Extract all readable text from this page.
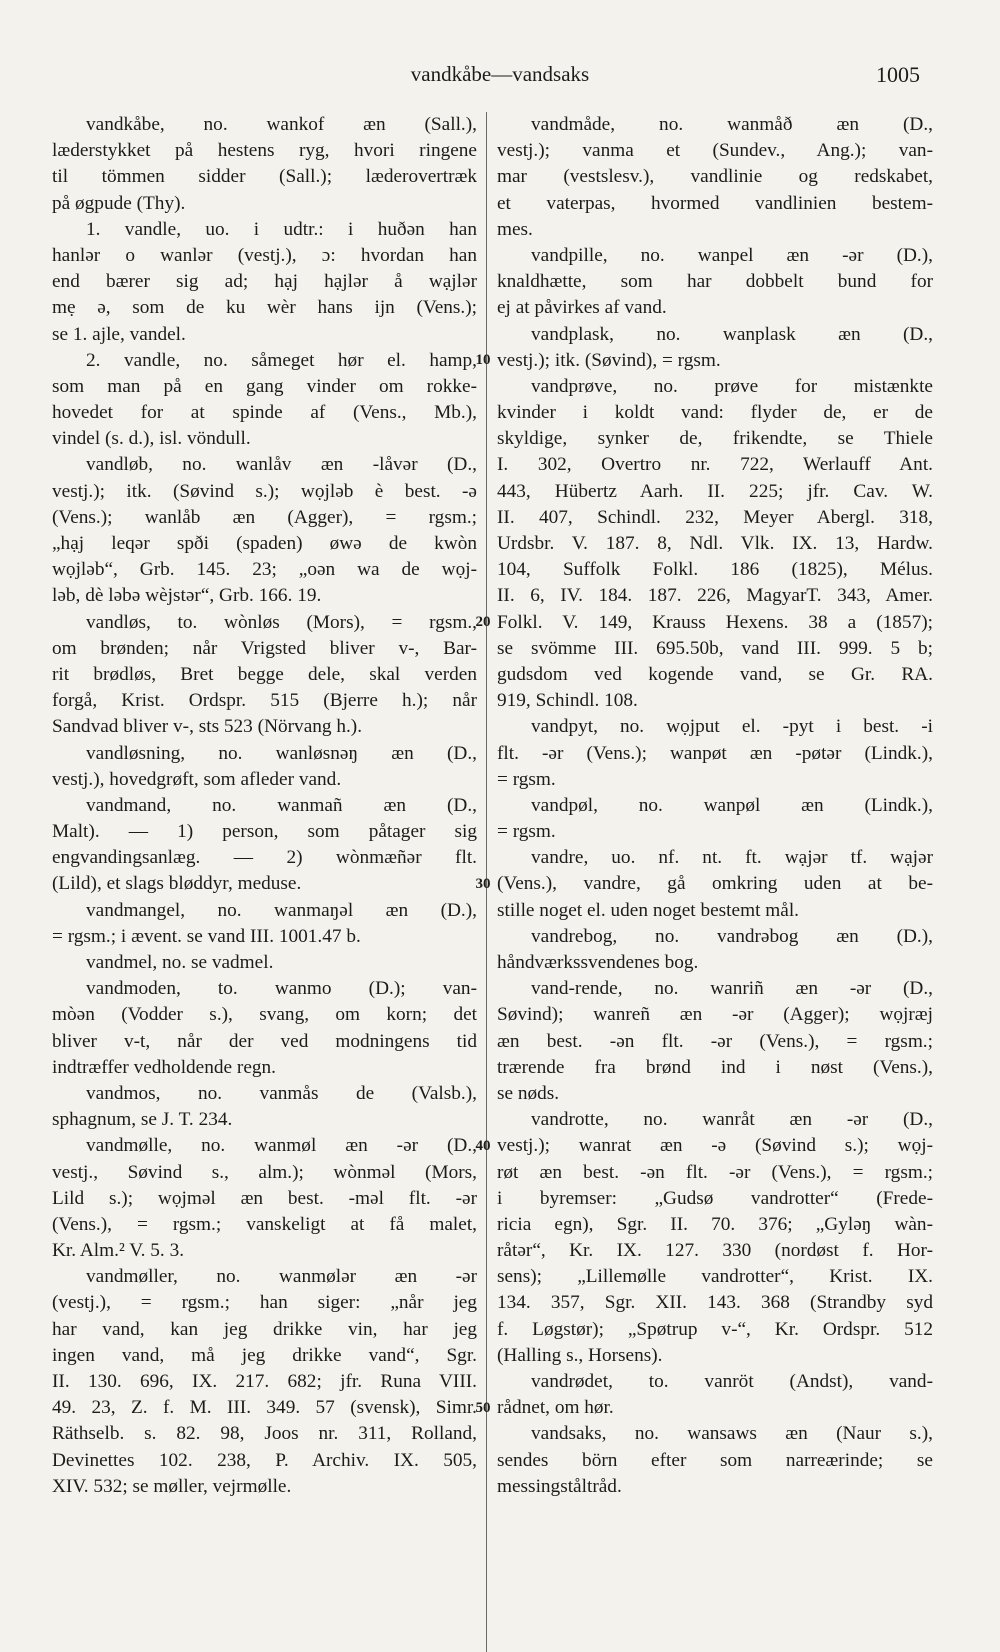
vandkåbe—vandsaks	1005
vandkåbe, no. wankof æn (Sall.),
læderstykket på hestens ryg, hvori ringene
til tömmen sidder (Sall.); læderovertræk
på øgpude (Thy).
1. vandle, uo. i udtr.: i huðən han
hanlər o wanlər (vestj.), ɔ: hvordan han
end bærer sig ad; hạj hạjlər å wạjlər
mẹ ə, som de ku wèr hans ijn (Vens.);
se 1. ajle, vandel.
2. vandle, no. såmeget hør el. hamp,
som man på en gang vinder om rokke-
hovedet for at spinde af (Vens., Mb.),
vindel (s. d.), isl. vöndull.
vandløb, no. wanlåv æn -låvər (D.,
vestj.); itk. (Søvind s.); wọjləb è best. -ə
(Vens.); wanlåb æn (Agger), = rgsm.;
„hạj leqər spði (spaden) øwə de kwòn
wọjləb“, Grb. 145. 23; „oən wa de wọj-
ləb, dè ləbə wèjstər“, Grb. 166. 19.
vandløs, to. wònløs (Mors), = rgsm.,
om brønden; når Vrigsted bliver v-, Bar-
rit brødløs, Bret begge dele, skal verden
forgå, Krist. Ordspr. 515 (Bjerre h.); når
Sandvad bliver v-, sts 523 (Nörvang h.).
vandløsning, no. wanløsnəŋ æn (D.,
vestj.), hovedgrøft, som afleder vand.
vandmand, no. wanmañ æn (D.,
Malt). — 1) person, som påtager sig
engvandingsanlæg. — 2) wònmæñər flt.
(Lild), et slags bløddyr, meduse.
vandmangel, no. wanmaŋəl æn (D.),
= rgsm.; i ævent. se vand III. 1001.47 b.
vandmel, no. se vadmel.
vandmoden, to. wanmo (D.); van-
mòən (Vodder s.), svang, om korn; det
bliver v-t, når der ved modningens tid
indtræffer vedholdende regn.
vandmos, no. vanmås de (Valsb.),
sphagnum, se J. T. 234.
vandmølle, no. wanmøl æn -ər (D.,
vestj., Søvind s., alm.); wònməl (Mors,
Lild s.); wọjməl æn best. -məl flt. -ər
(Vens.), = rgsm.; vanskeligt at få malet,
Kr. Alm.² V. 5. 3.
vandmøller, no. wanmølər æn -ər
(vestj.), = rgsm.; han siger: „når jeg
har vand, kan jeg drikke vin, har jeg
ingen vand, må jeg drikke vand“, Sgr.
II. 130. 696, IX. 217. 682; jfr. Runa VIII.
49. 23, Z. f. M. III. 349. 57 (svensk), Simr.
Räthselb. s. 82. 98, Joos nr. 311, Rolland,
Devinettes 102. 238, P. Archiv. IX. 505,
XIV. 532; se møller, vejrmølle.
vandmåde, no. wanmåð æn (D.,
vestj.); vanma et (Sundev., Ang.); van-
mar (vestslesv.), vandlinie og redskabet,
et vaterpas, hvormed vandlinien bestem-
mes.
vandpille, no. wanpel æn -ər (D.),
knaldhætte, som har dobbelt bund for
ej at påvirkes af vand.
vandplask, no. wanplask æn (D.,
vestj.); itk. (Søvind), = rgsm.
vandprøve, no. prøve for mistænkte
kvinder i koldt vand: flyder de, er de
skyldige, synker de, frikendte, se Thiele
I. 302, Overtro nr. 722, Werlauff Ant.
443, Hübertz Aarh. II. 225; jfr. Cav. W.
II. 407, Schindl. 232, Meyer Abergl. 318,
Urdsbr. V. 187. 8, Ndl. Vlk. IX. 13, Hardw.
104, Suffolk Folkl. 186 (1825), Mélus.
II. 6, IV. 184. 187. 226, MagyarT. 343, Amer.
Folkl. V. 149, Krauss Hexens. 38 a (1857);
se svömme III. 695.50b, vand III. 999. 5 b;
gudsdom ved kogende vand, se Gr. RA.
919, Schindl. 108.
vandpyt, no. wọjput el. -pyt i best. -i
flt. -ər (Vens.); wanpøt æn -pøtər (Lindk.),
= rgsm.
vandpøl, no. wanpøl æn (Lindk.),
= rgsm.
vandre, uo. nf. nt. ft. wạjər tf. wạjər
(Vens.), vandre, gå omkring uden at be-
stille noget el. uden noget bestemt mål.
vandrebog, no. vandrəbog æn (D.),
håndværkssvendenes bog.
vand-rende, no. wanriñ æn -ər (D.,
Søvind); wanreñ æn -ər (Agger); wọjræj
æn best. -ən flt. -ər (Vens.), = rgsm.;
trærende fra brønd ind i nøst (Vens.),
se nøds.
vandrotte, no. wanråt æn -ər (D.,
vestj.); wanrat æn -ə (Søvind s.); wọj-
røt æn best. -ən flt. -ər (Vens.), = rgsm.;
i byremser: „Gudsø vandrotter“ (Frede-
ricia egn), Sgr. II. 70. 376; „Gyləŋ wàn-
råtər“, Kr. IX. 127. 330 (nordøst f. Hor-
sens); „Lillemølle vandrotter“, Krist. IX.
134. 357, Sgr. XII. 143. 368 (Strandby syd
f. Løgstør); „Spøtrup v-“, Kr. Ordspr. 512
(Halling s., Horsens).
vandrødet, to. vanröt (Andst), vand-
rådnet, om hør.
vandsaks, no. wansaws æn (Naur s.),
sendes börn efter som narreærinde; se
messingståltråd.
10
20
30
40
50
